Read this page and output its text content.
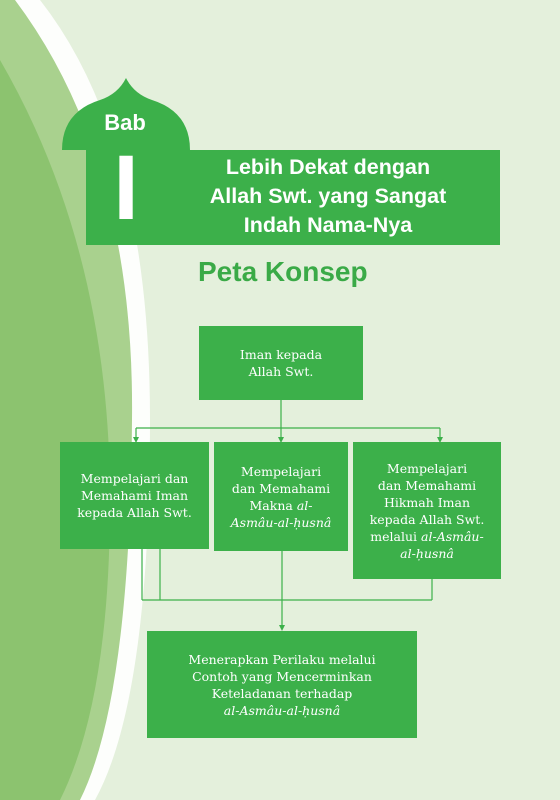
Bab
I	Lebih Dekat dengan
Allah Swt. yang Sangat
Indah Nama-Nya
Peta Konsep
Iman kepada
Allah Swt.
Mempelajari dan
Memahami Iman
kepada Allah Swt.
Mempelajari
dan Memahami
Makna al-
Asmâu-al-ḥusnâ
Mempelajari
dan Memahami
Hikmah Iman
kepada Allah Swt.
melalui al-Asmâu-
al-ḥusnâ
Menerapkan Perilaku melalui
Contoh yang Mencerminkan
Keteladanan terhadap
al-Asmâu-al-ḥusnâ
